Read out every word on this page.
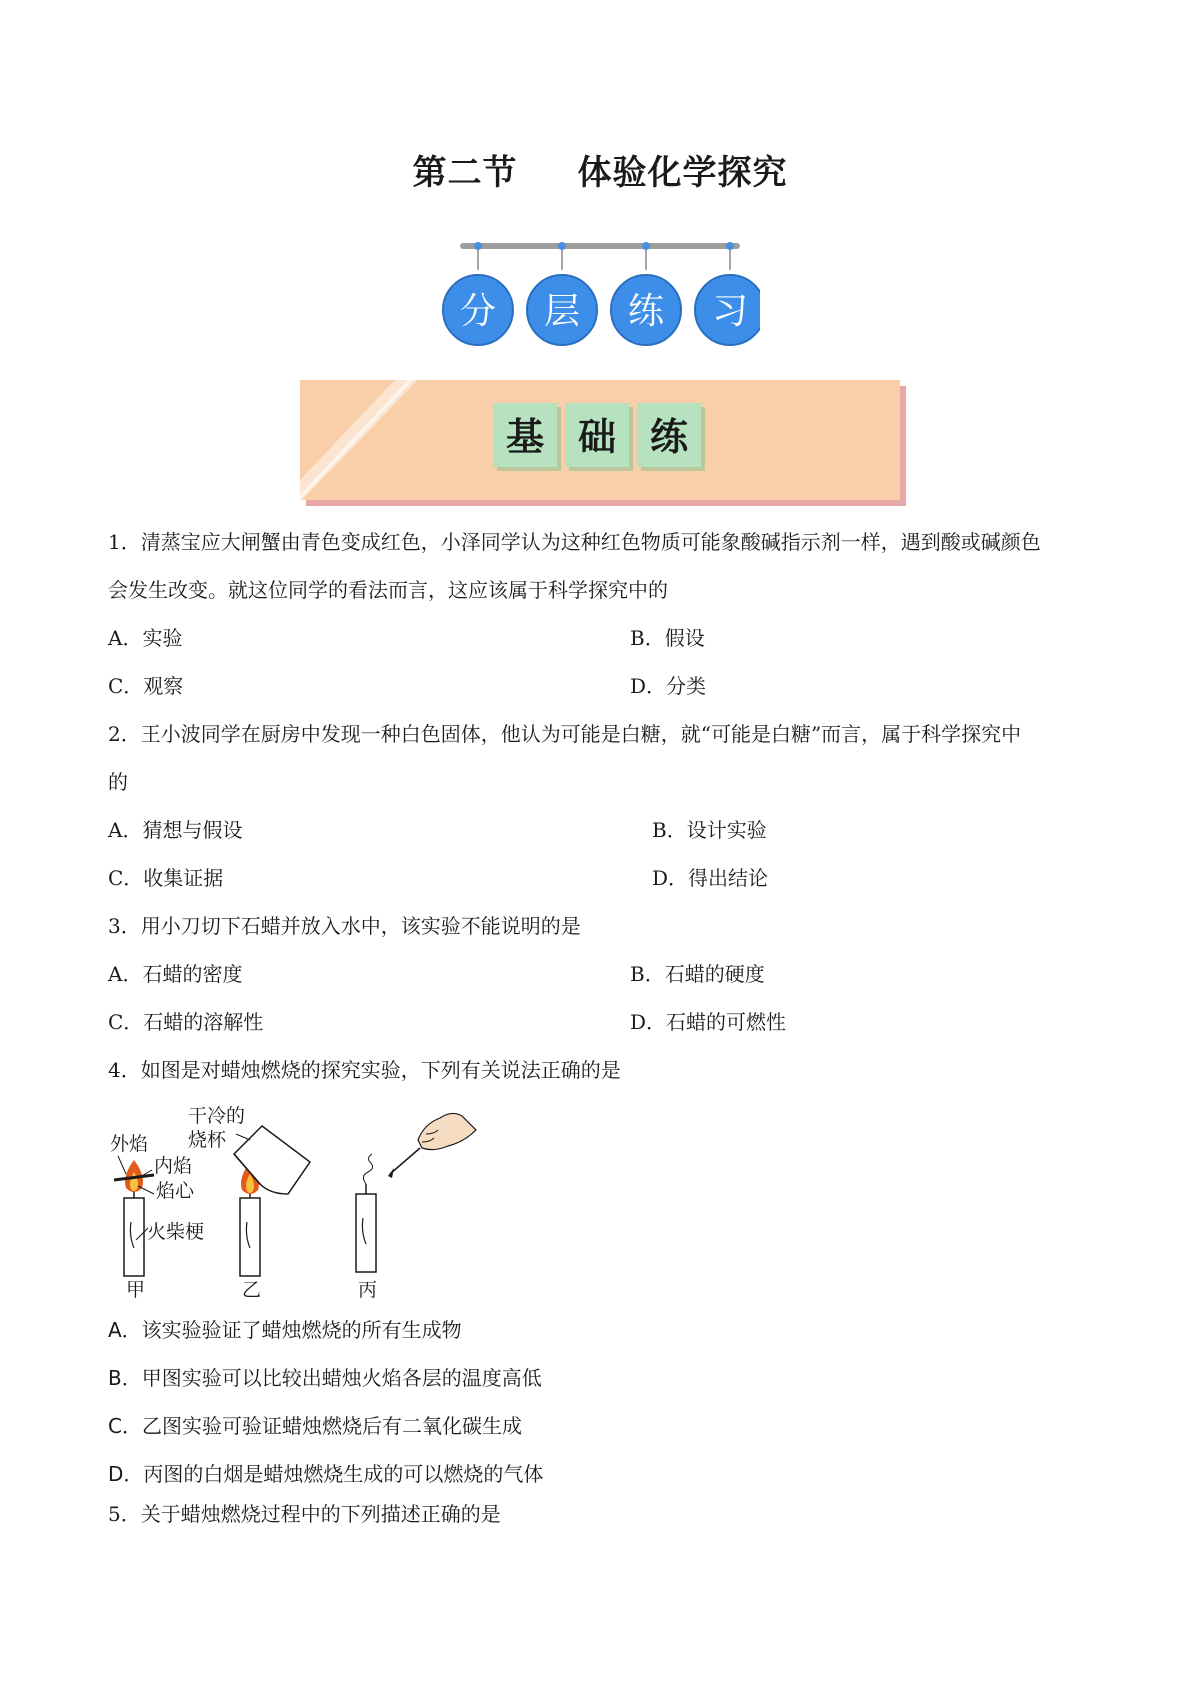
第二节 体验化学探究
分 层 练 习
基 础 练
1．清蒸宝应大闸蟹由青色变成红色，小泽同学认为这种红色物质可能象酸碱指示剂一样，遇到酸或碱颜色
会发生改变。就这位同学的看法而言，这应该属于科学探究中的
A．实验	B．假设
C．观察	D．分类
2．王小波同学在厨房中发现一种白色固体，他认为可能是白糖，就“可能是白糖”而言，属于科学探究中
的
A．猜想与假设	B．设计实验
C．收集证据	D．得出结论
3．用小刀切下石蜡并放入水中，该实验不能说明的是
A．石蜡的密度	B．石蜡的硬度
C．石蜡的溶解性	D．石蜡的可燃性
4．如图是对蜡烛燃烧的探究实验，下列有关说法正确的是
外焰
内焰
焰心
火柴梗
甲
干冷的
烧杯
乙	丙
A．该实验验证了蜡烛燃烧的所有生成物
B．甲图实验可以比较出蜡烛火焰各层的温度高低
C．乙图实验可验证蜡烛燃烧后有二氧化碳生成
D．丙图的白烟是蜡烛燃烧生成的可以燃烧的气体
5．关于蜡烛燃烧过程中的下列描述正确的是
